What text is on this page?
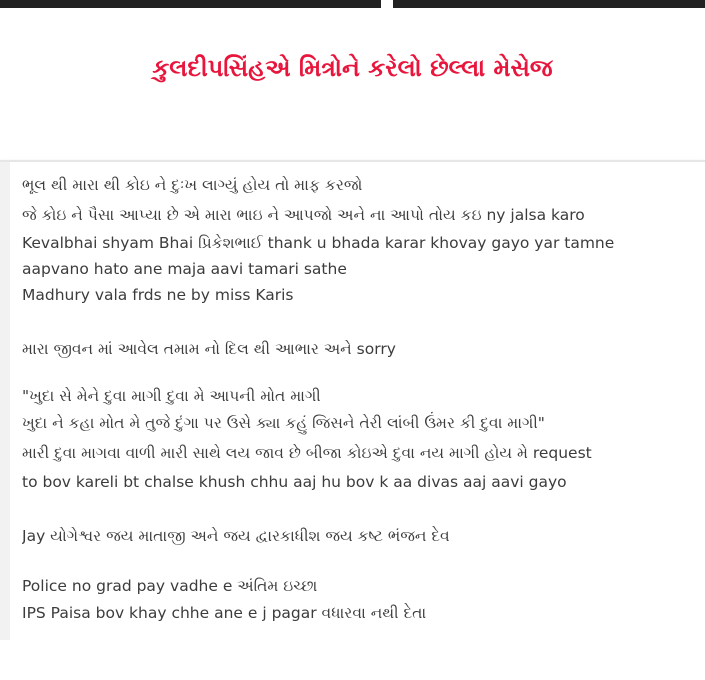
કુલદીપસિંહએ મિત્રોને કરેલો છેલ્લા મેસેજ
ભૂલ થી મારા થી કોઇ ને દુઃખ લાગ્યું હોય તો માફ કરજો
જે કોઇ ને પૈસા આપ્યા છે એ મારા ભાઇ ને આપજો અને ના આપો તોય કઇ ny jalsa karo
Kevalbhai shyam Bhai પ્રિકેશભાઈ thank u bhada karar khovay gayo yar tamne
aapvano hato ane maja aavi tamari sathe
Madhury vala frds ne by miss Karis
મારા જીવન માં આવેલ તમામ નો દિલ થી આભાર અને sorry
"ખુદા સે મેને દુવા માગી દુવા મે આપની મોત માગી
ખુદા ને કહા મોત મે તુજે દુંગા પર ઉસે ક્યા કહું જિસને તેરી લાંબી ઉંમર કી દુવા માગી"
મારી દુવા માગવા વાળી મારી સાથે લય જાવ છે બીજા કોઇએ દુવા નય માગી હોય મે request
to bov kareli bt chalse khush chhu aaj hu bov k aa divas aaj aavi gayo
Jay યોગેશ્વર જય માતાજી અને જય દ્વારકાધીશ જય કષ્ટ ભંજન દેવ
Police no grad pay vadhe e અંતિમ ઇચ્છા
IPS Paisa bov khay chhe ane e j pagar વધારવા નથી દેતા
